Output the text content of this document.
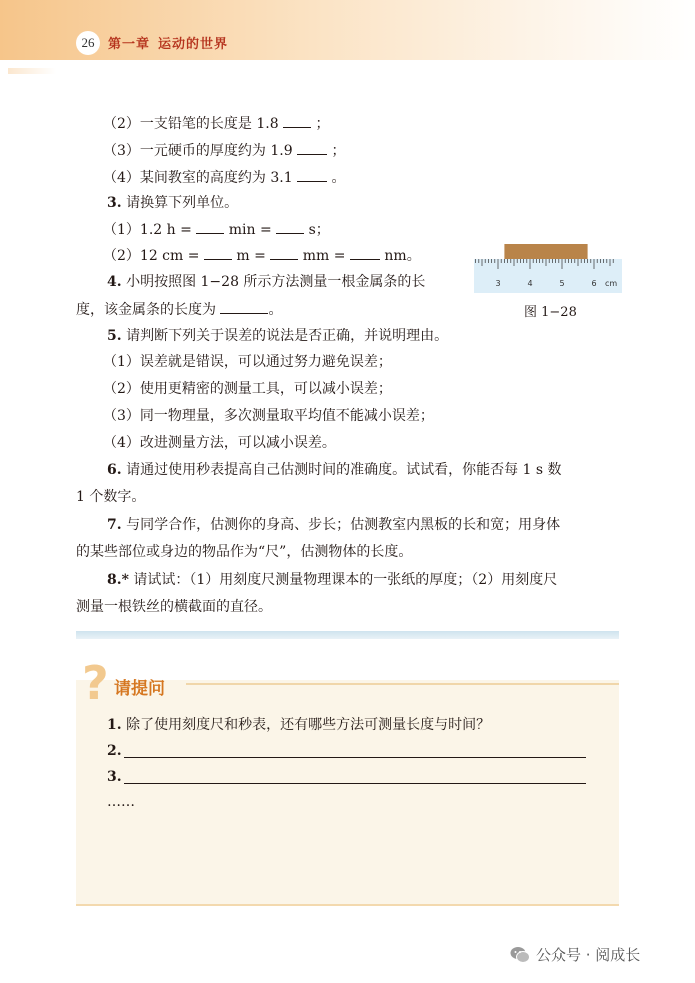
26	第一章 运动的世界
（2）一支铅笔的长度是 1.8	；
（3）一元硬币的厚度约为 1.9	；
（4）某间教室的高度约为 3.1	。
3. 请换算下列单位。
（1）1.2 h =	min =	s；
（2）12 cm =	m =	mm =	nm。
4. 小明按照图 1−28 所示方法测量一根金属条的长
度，该金属条的长度为	。
3	4	5	6 cm
图 1−28
5. 请判断下列关于误差的说法是否正确，并说明理由。
（1）误差就是错误，可以通过努力避免误差；
（2）使用更精密的测量工具，可以减小误差；
（3）同一物理量，多次测量取平均值不能减小误差；
（4）改进测量方法，可以减小误差。
6. 请通过使用秒表提高自己估测时间的准确度。试试看，你能否每 1 s 数
1 个数字。
7. 与同学合作，估测你的身高、步长；估测教室内黑板的长和宽；用身体
的某些部位或身边的物品作为“尺”，估测物体的长度。
8.* 请试试：（1）用刻度尺测量物理课本的一张纸的厚度；（2）用刻度尺
测量一根铁丝的横截面的直径。
? 请提问
1. 除了使用刻度尺和秒表，还有哪些方法可测量长度与时间？
2.
3.
……
公众号 · 阅成长
